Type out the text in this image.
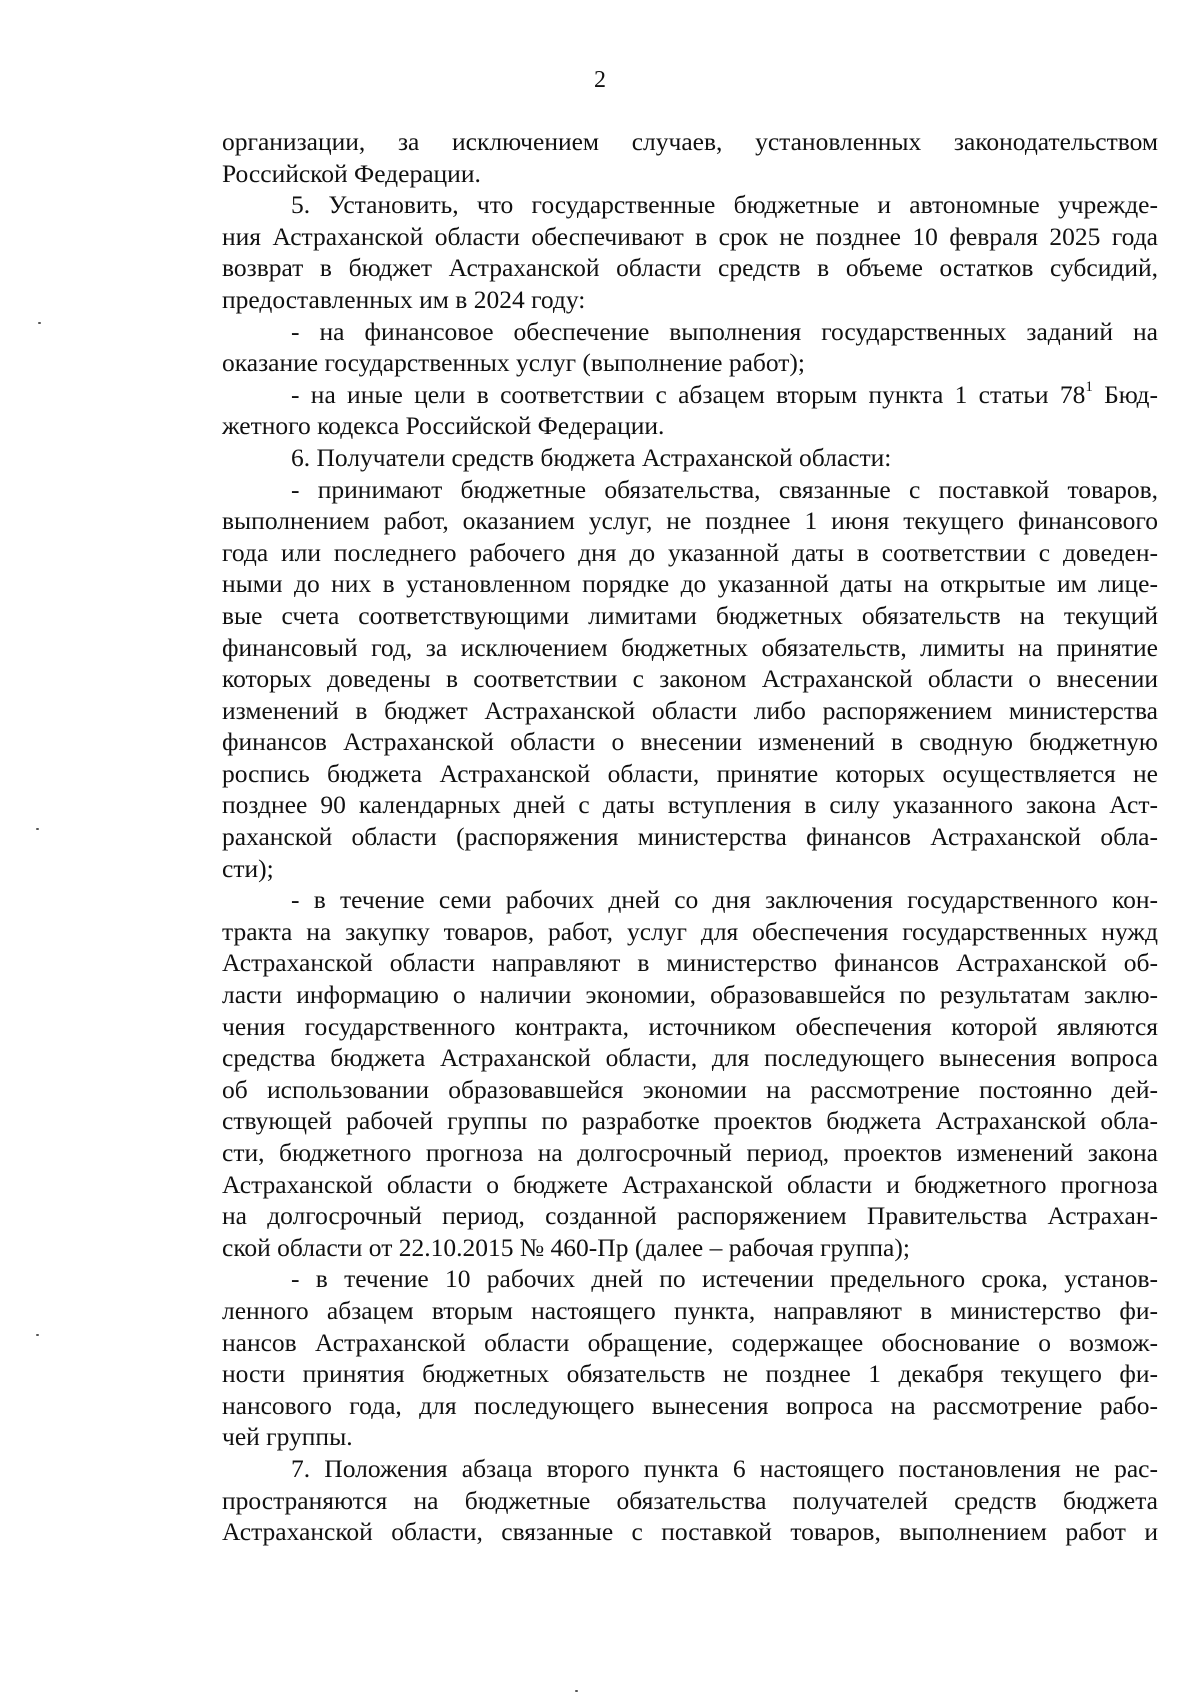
2
организации, за исключением случаев, установленных законодательством
Российской Федерации.
5. Установить, что государственные бюджетные и автономные учрежде-
ния Астраханской области обеспечивают в срок не позднее 10 февраля 2025 года
возврат в бюджет Астраханской области средств в объеме остатков субсидий,
предоставленных им в 2024 году:
- на финансовое обеспечение выполнения государственных заданий на
оказание государственных услуг (выполнение работ);
- на иные цели в соответствии с абзацем вторым пункта 1 статьи $78^1$ Бюд-
жетного кодекса Российской Федерации.
6. Получатели средств бюджета Астраханской области:
- принимают бюджетные обязательства, связанные с поставкой товаров,
выполнением работ, оказанием услуг, не позднее 1 июня текущего финансового
года или последнего рабочего дня до указанной даты в соответствии с доведен-
ными до них в установленном порядке до указанной даты на открытые им лице-
вые счета соответствующими лимитами бюджетных обязательств на текущий
финансовый год, за исключением бюджетных обязательств, лимиты на принятие
которых доведены в соответствии с законом Астраханской области о внесении
изменений в бюджет Астраханской области либо распоряжением министерства
финансов Астраханской области о внесении изменений в сводную бюджетную
роспись бюджета Астраханской области, принятие которых осуществляется не
позднее 90 календарных дней с даты вступления в силу указанного закона Аст-
раханской области (распоряжения министерства финансов Астраханской обла-
сти);
- в течение семи рабочих дней со дня заключения государственного кон-
тракта на закупку товаров, работ, услуг для обеспечения государственных нужд
Астраханской области направляют в министерство финансов Астраханской об-
ласти информацию о наличии экономии, образовавшейся по результатам заклю-
чения государственного контракта, источником обеспечения которой являются
средства бюджета Астраханской области, для последующего вынесения вопроса
об использовании образовавшейся экономии на рассмотрение постоянно дей-
ствующей рабочей группы по разработке проектов бюджета Астраханской обла-
сти, бюджетного прогноза на долгосрочный период, проектов изменений закона
Астраханской области о бюджете Астраханской области и бюджетного прогноза
на долгосрочный период, созданной распоряжением Правительства Астрахан-
ской области от 22.10.2015 № 460-Пр (далее – рабочая группа);
- в течение 10 рабочих дней по истечении предельного срока, установ-
ленного абзацем вторым настоящего пункта, направляют в министерство фи-
нансов Астраханской области обращение, содержащее обоснование о возмож-
ности принятия бюджетных обязательств не позднее 1 декабря текущего фи-
нансового года, для последующего вынесения вопроса на рассмотрение рабо-
чей группы.
7. Положения абзаца второго пункта 6 настоящего постановления не рас-
пространяются на бюджетные обязательства получателей средств бюджета
Астраханской области, связанные с поставкой товаров, выполнением работ и
